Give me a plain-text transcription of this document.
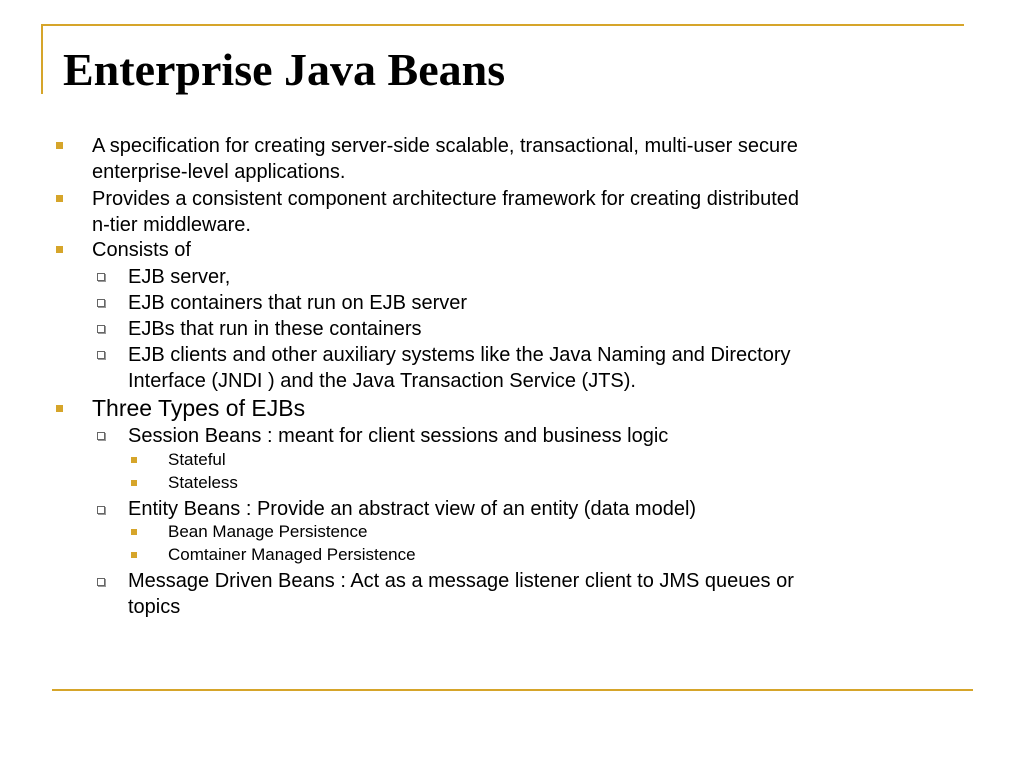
Enterprise Java Beans
A specification for creating server-side scalable, transactional, multi-user secure
enterprise-level applications.
Provides a consistent component architecture framework for creating distributed
n-tier middleware.
Consists of
EJB server,
EJB containers that run on EJB server
EJBs that run in these containers
EJB clients and other auxiliary systems like the Java Naming and Directory
Interface (JNDI ) and the Java Transaction Service (JTS).
Three Types of EJBs
Session Beans : meant for client sessions and business logic
Stateful
Stateless
Entity Beans : Provide an abstract view of an entity (data model)
Bean Manage Persistence
Comtainer Managed Persistence
Message Driven Beans : Act as a message listener client to JMS queues or
topics
